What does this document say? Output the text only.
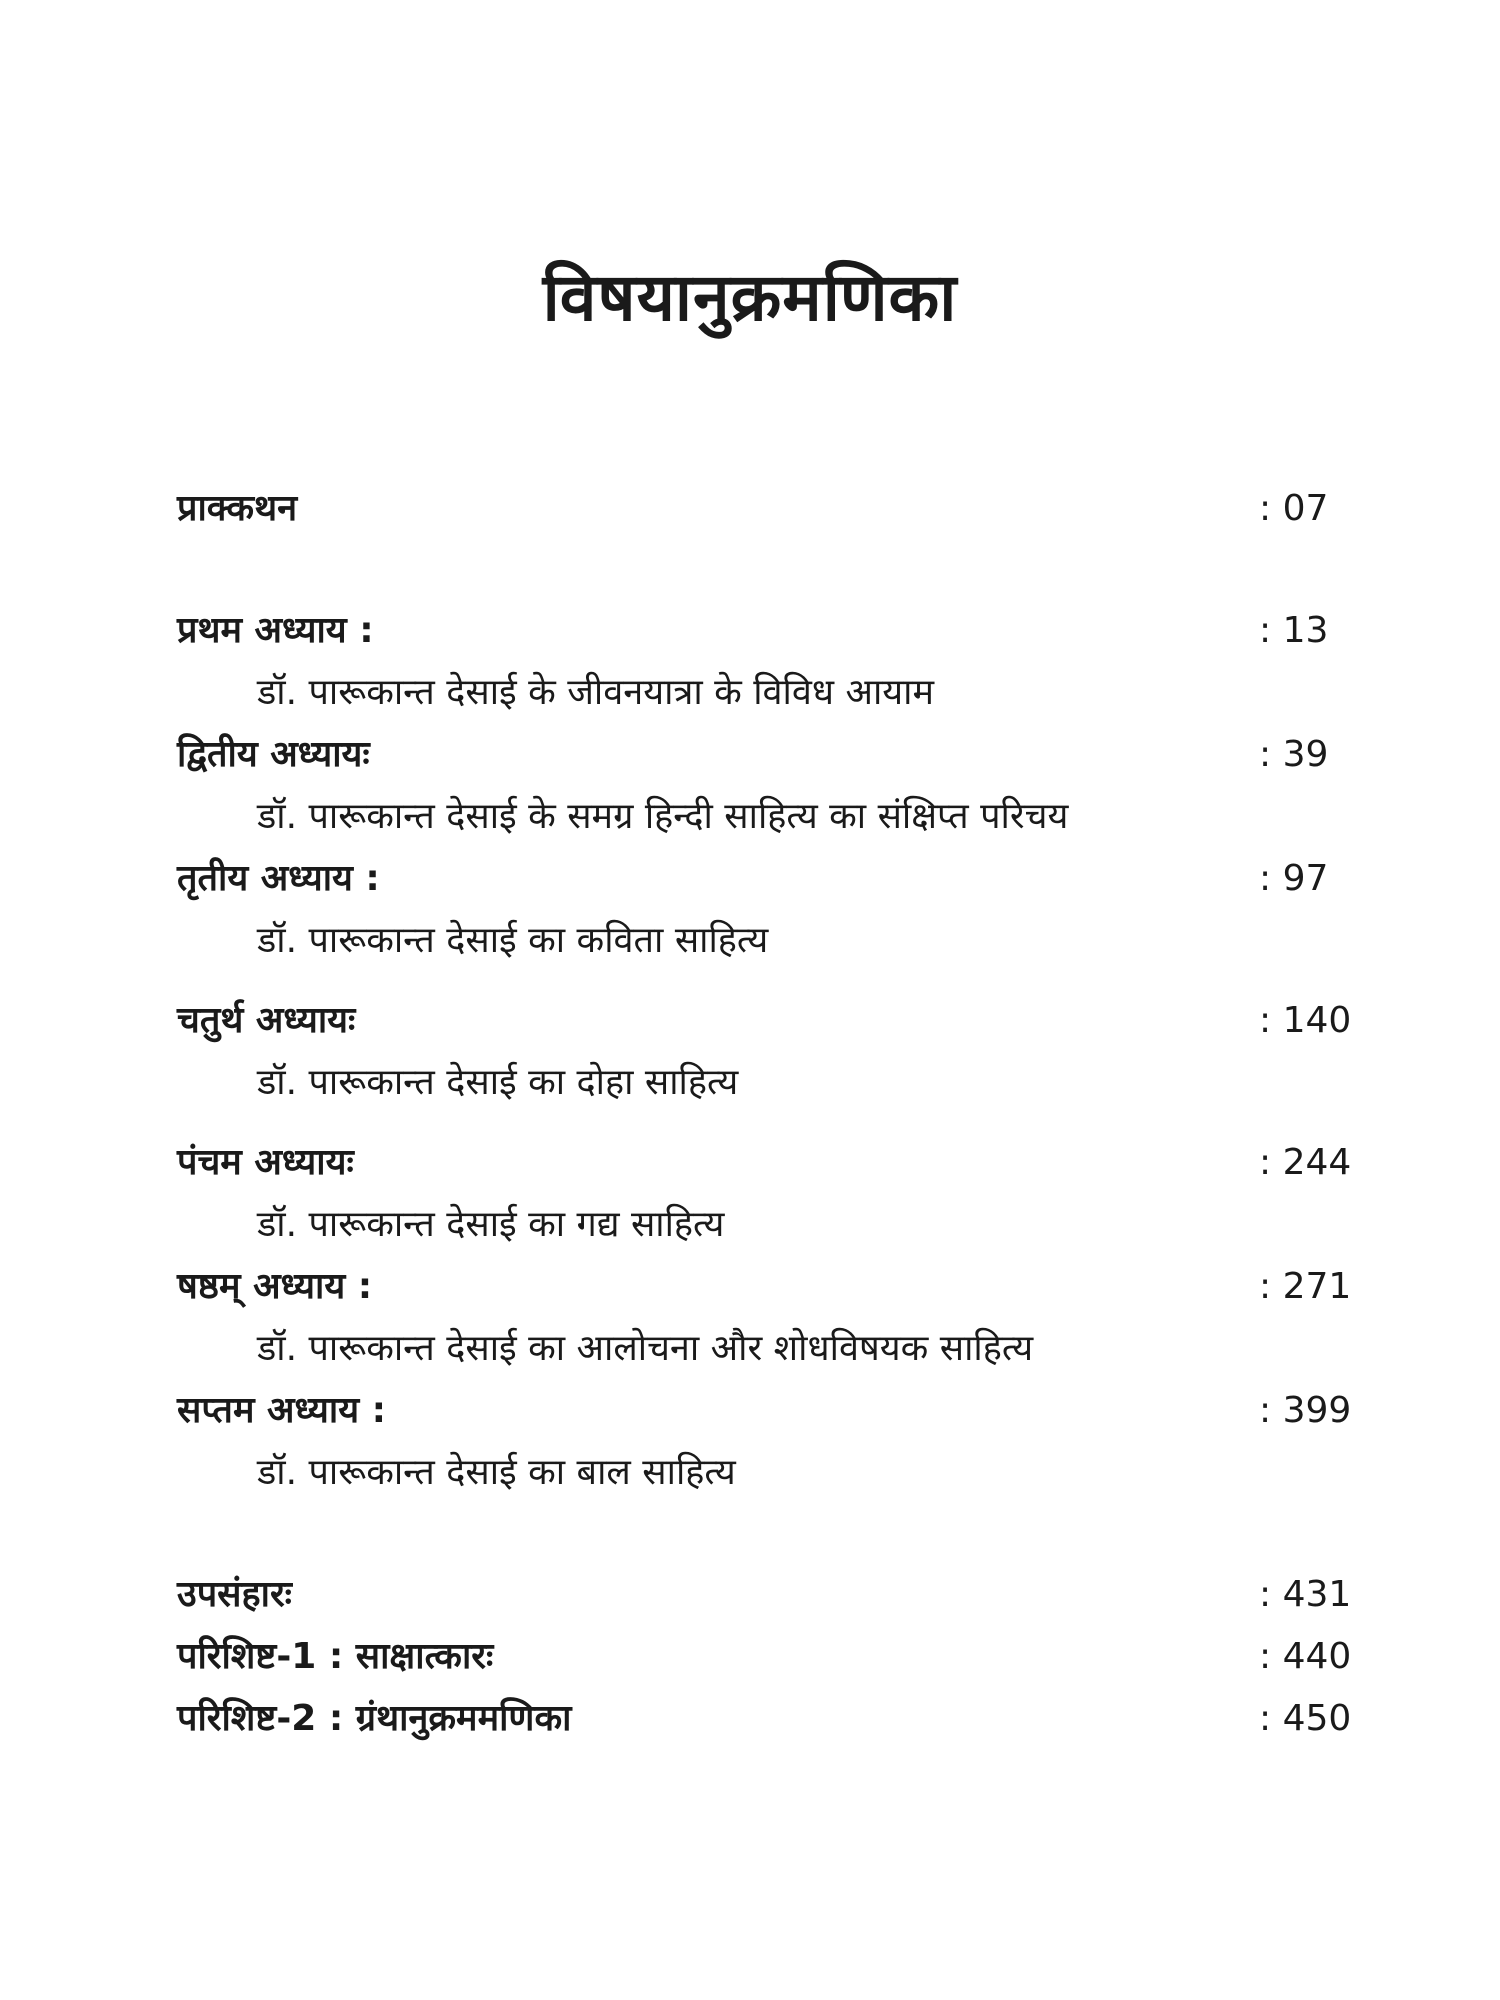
विषयानुक्रमणिका
प्राक्कथन	: 07
प्रथम अध्याय :	: 13
डॉ. पारूकान्त देसाई के जीवनयात्रा के विविध आयाम
द्वितीय अध्यायः	: 39
डॉ. पारूकान्त देसाई के समग्र हिन्दी साहित्य का संक्षिप्त परिचय
तृतीय अध्याय :	: 97
डॉ. पारूकान्त देसाई का कविता साहित्य
चतुर्थ अध्यायः	: 140
डॉ. पारूकान्त देसाई का दोहा साहित्य
पंचम अध्यायः	: 244
डॉ. पारूकान्त देसाई का गद्य साहित्य
षष्ठम् अध्याय :	: 271
डॉ. पारूकान्त देसाई का आलोचना और शोधविषयक साहित्य
सप्तम अध्याय :	: 399
डॉ. पारूकान्त देसाई का बाल साहित्य
उपसंहारः	: 431
परिशिष्ट-1 : साक्षात्कारः	: 440
परिशिष्ट-2 : ग्रंथानुक्रममणिका	: 450
